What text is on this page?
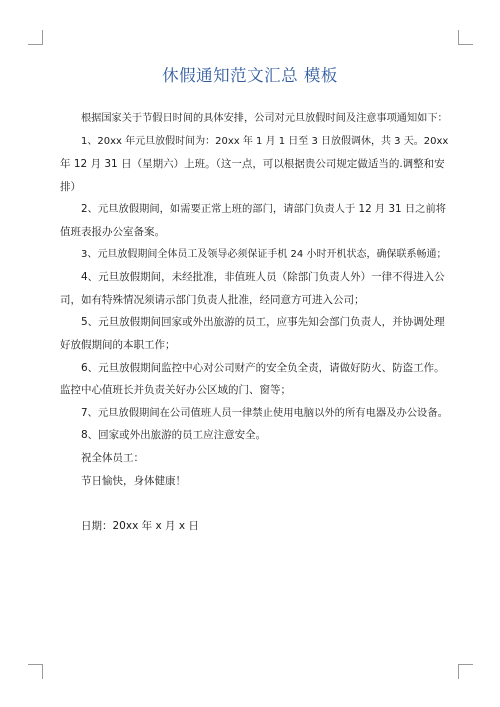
休假通知范文汇总 模板

根据国家关于节假日时间的具体安排，公司对元旦放假时间及注意事项通知如下：

1、20xx 年元旦放假时间为：20xx 年 1 月 1 日至 3 日放假调休，共 3 天。20xx

年 12 月 31 日（星期六）上班。（这一点，可以根据贵公司规定做适当的.调整和安

排）

2、元旦放假期间，如需要正常上班的部门，请部门负责人于 12 月 31 日之前将

值班表报办公室备案。

3、元旦放假期间全体员工及领导必须保证手机 24 小时开机状态，确保联系畅通；

4、元旦放假期间，未经批准，非值班人员（除部门负责人外）一律不得进入公

司，如有特殊情况须请示部门负责人批准，经同意方可进入公司；

5、元旦放假期间回家或外出旅游的员工，应事先知会部门负责人，并协调处理

好放假期间的本职工作；

6、元旦放假期间监控中心对公司财产的安全负全责，请做好防火、防盗工作。

监控中心值班长并负责关好办公区域的门、窗等；

7、元旦放假期间在公司值班人员一律禁止使用电脑以外的所有电器及办公设备。

8、回家或外出旅游的员工应注意安全。

祝全体员工：

节日愉快，身体健康！

日期：20xx 年 x 月 x 日
